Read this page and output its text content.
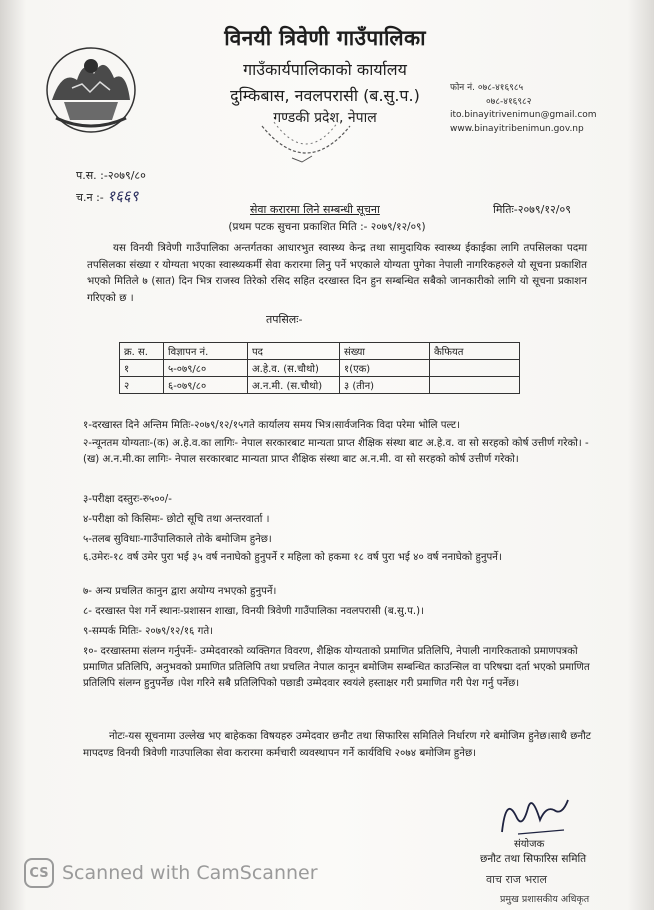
विनयी त्रिवेणी गाउँपालिका
गाउँकार्यपालिकाको कार्यालय
दुम्किबास, नवलपरासी (ब.सु.प.)
गण्डकी प्रदेश, नेपाल
फोन नं. ०७८-४१६९८५
०७८-४१६९८२
ito.binayitrivenimun@gmail.com
www.binayitribenimun.gov.np
प.स. :-२०७९/८०
च.न :- १६६९
सेवा करारमा लिने सम्बन्धी सूचना	मितिः-२०७९/१२/०९
(प्रथम पटक सुचना प्रकाशित मिति :- २०७९/१२/०९)

यस विनयी त्रिवेणी गाउँपालिका अन्तर्गतका आधारभुत स्वास्थ्य केन्द्र तथा सामुदायिक स्वास्थ्य ईकाईका लागि तपसिलका पदमा तपसिलका संख्या र योग्यता भएका स्वास्थ्यकर्मी सेवा करारमा लिनु पर्ने भएकाले योग्यता पुगेका नेपाली नागरिकहरुले यो सूचना प्रकाशित भएको मितिले ७ (सात) दिन भित्र राजस्व तिरेको रसिद सहित दरखास्त दिन हुन सम्बन्धित सबैको जानकारीको लागि यो सूचना प्रकाशन गरिएको छ ।

तपसिलः-
क्र. स.	विज्ञापन नं.	पद	संख्या	कैफियत
१	५-०७९/८०	अ.हे.व. (स.चौथो)	१(एक)	
२	६-०७९/८०	अ.न.मी. (स.चौथो)	३ (तीन)	
१-दरखास्त दिने अन्तिम मितिः-२०७९/१२/१५गते कार्यालय समय भित्र।सार्वजनिक विदा परेमा भोलि पल्ट।
२-न्यूनतम योग्यताः-(क) अ.हे.व.का लागिः- नेपाल सरकारबाट मान्यता प्राप्त शैक्षिक संस्था बाट अ.हे.व. वा सो सरहको कोर्ष उत्तीर्ण गरेको। -(ख) अ.न.मी.का लागिः- नेपाल सरकारबाट मान्यता प्राप्त शैक्षिक संस्था बाट अ.न.मी. वा सो सरहको कोर्ष उत्तीर्ण गरेको।
३-परीक्षा दस्तुरः-रु५००/-
४-परीक्षा को किसिमः- छोटो सूचि तथा अन्तरवार्ता ।
५-तलब सुविधाः-गाउँपालिकाले तोके बमोजिम हुनेछ।
६.उमेरः-१८ वर्ष उमेर पुरा भई ३५ वर्ष ननाघेको हुनुपर्ने र महिला को हकमा १८ वर्ष पुरा भई ४० वर्ष ननाघेको हुनुपर्ने।
७- अन्य प्रचलित कानुन द्वारा अयोग्य नभएको हुनुपर्ने।
८- दरखास्त पेश गर्ने स्थानः-प्रशासन शाखा, विनयी त्रिवेणी गाउँपालिका नवलपरासी (ब.सु.प.)।
९-सम्पर्क मितिः- २०७९/१२/१६ गते।
१०- दरखास्तमा संलग्न गर्नुपर्नेः- उम्मेदवारको व्यक्तिगत विवरण, शैक्षिक योग्यताको प्रमाणित प्रतिलिपि, नेपाली नागरिकताको प्रमाणपत्रको प्रमाणित प्रतिलिपि, अनुभवको प्रमाणित प्रतिलिपि तथा प्रचलित नेपाल कानून बमोजिम सम्बन्धित काउन्सिल वा परिषद्मा दर्ता भएको प्रमाणित प्रतिलिपि संलग्न हुनुपर्नेछ ।पेश गरिने सबै प्रतिलिपिको पछाडी उम्मेदवार स्वयंले हस्ताक्षर गरी प्रमाणित गरी पेश गर्नु पर्नेछ।

नोटः-यस सूचनामा उल्लेख भए बाहेकका विषयहरु उम्मेदवार छनौट तथा सिफारिस समितिले निर्धारण गरे बमोजिम हुनेछ।साथै छनौट मापदण्ड विनयी त्रिवेणी गाउपालिका सेवा करारमा कर्मचारी व्यवस्थापन गर्ने कार्यविधि २०७४ बमोजिम हुनेछ।

संयोजक
छनौट तथा सिफारिस समिति
वाच राज भराल
प्रमुख प्रशासकीय अधिकृत
CS Scanned with CamScanner
